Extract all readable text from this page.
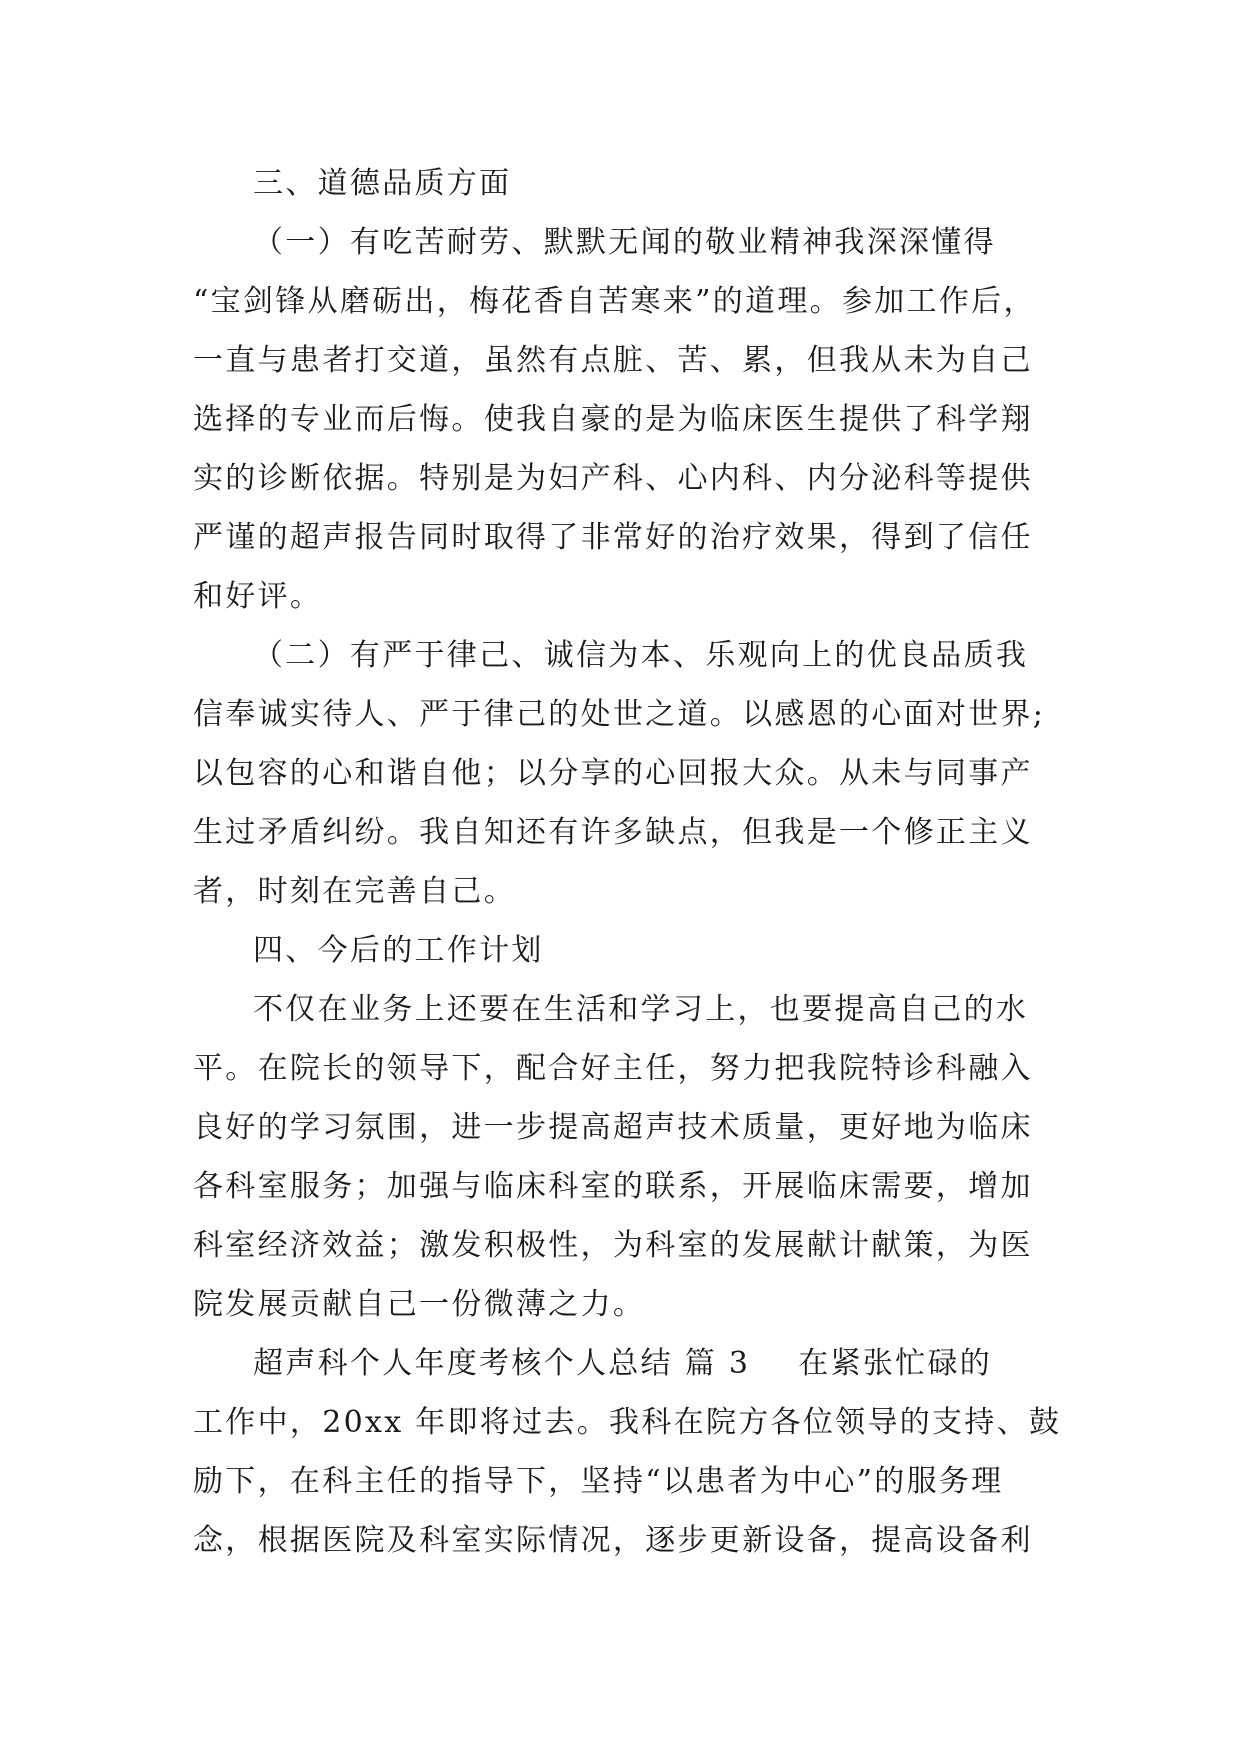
三、道德品质方面

（一）有吃苦耐劳、默默无闻的敬业精神我深深懂得
“宝剑锋从磨砺出，梅花香自苦寒来”的道理。参加工作后，
一直与患者打交道，虽然有点脏、苦、累，但我从未为自己
选择的专业而后悔。使我自豪的是为临床医生提供了科学翔
实的诊断依据。特别是为妇产科、心内科、内分泌科等提供
严谨的超声报告同时取得了非常好的治疗效果，得到了信任
和好评。

（二）有严于律己、诚信为本、乐观向上的优良品质我
信奉诚实待人、严于律己的处世之道。以感恩的心面对世界;
以包容的心和谐自他；以分享的心回报大众。从未与同事产
生过矛盾纠纷。我自知还有许多缺点，但我是一个修正主义
者，时刻在完善自己。

四、今后的工作计划

不仅在业务上还要在生活和学习上，也要提高自己的水
平。在院长的领导下，配合好主任，努力把我院特诊科融入
良好的学习氛围，进一步提高超声技术质量，更好地为临床
各科室服务；加强与临床科室的联系，开展临床需要，增加
科室经济效益；激发积极性，为科室的发展献计献策，为医
院发展贡献自己一份微薄之力。

超声科个人年度考核个人总结 篇 3 在紧张忙碌的
工作中，20xx 年即将过去。我科在院方各位领导的支持、鼓
励下，在科主任的指导下，坚持“以患者为中心”的服务理
念，根据医院及科室实际情况，逐步更新设备，提高设备利
